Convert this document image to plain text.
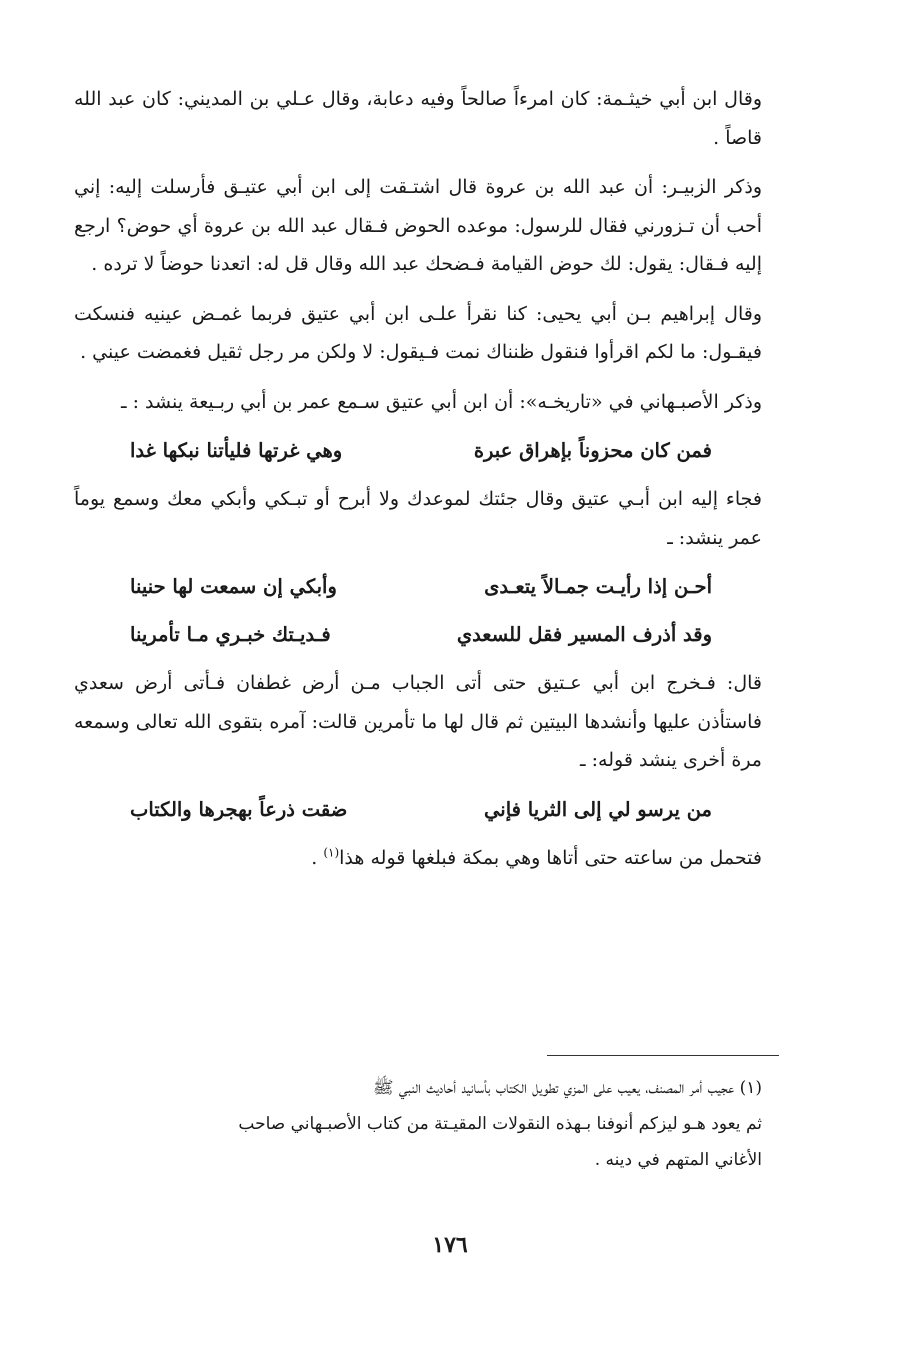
وقال ابن أبي خيثـمة: كان امرءاً صالحاً وفيه دعابة، وقال عـلي بن المديني: كان عبد الله قاصاً .

وذكر الزبيـر: أن عبد الله بن عروة قال اشتـقت إلى ابن أبي عتيـق فأرسلت إليه: إني أحب أن تـزورني فقال للرسول: موعده الحوض فـقال عبد الله بن عروة أي حوض؟ ارجع إليه فـقال: يقول: لك حوض القيامة فـضحك عبد الله وقال قل له: اتعدنا حوضاً لا ترده .

وقال إبراهيم بـن أبي يحيى: كنا نقرأ علـى ابن أبي عتيق فربما غمـض عينيه فنسكت فيقـول: ما لكم اقرأوا فنقول ظنناك نمت فـيقول: لا ولكن مر رجل ثقيل فغمضت عيني .

وذكر الأصبـهاني في «تاريخـه»: أن ابن أبي عتيق سـمع عمر بن أبي ربـيعة ينشد : ـ

فمن كان محزوناً بإهراق عبرة
وهي غرتها فليأتنا نبكها غدا

فجاء إليه ابن أبـي عتيق وقال جئتك لموعدك ولا أبرح أو تبـكي وأبكي معك وسمع يوماً عمر ينشد: ـ

أحـن إذا رأيـت جمـالاً يتعـدى
وأبكي إن سمعت لها حنينا
وقد أذرف المسير فقل للسعدي
فـديـتك خبـري مـا تأمرينا

قال: فـخرج ابن أبي عـتيق حتى أتى الجباب مـن أرض غطفان فـأتى أرض سعدي فاستأذن عليها وأنشدها البيتين ثم قال لها ما تأمرين قالت: آمره بتقوى الله تعالى وسمعه مرة أخرى ينشد قوله: ـ

من يرسو لي إلى الثريا فإني
ضقت ذرعاً بهجرها والكتاب

فتحمل من ساعته حتى أتاها وهي بمكة فبلغها قوله هذا$^{(١)}$ .

(١) عجيب أمر المصنف، يعيب على المزي تطويل الكتاب بأسانيد أحاديث النبي ﷺ

ثم يعود هـو ليزكم أنوفنا بـهذه النقولات المقيـتة من كتاب الأصبـهاني صاحب

الأغاني المتهم في دينه .

١٧٦
